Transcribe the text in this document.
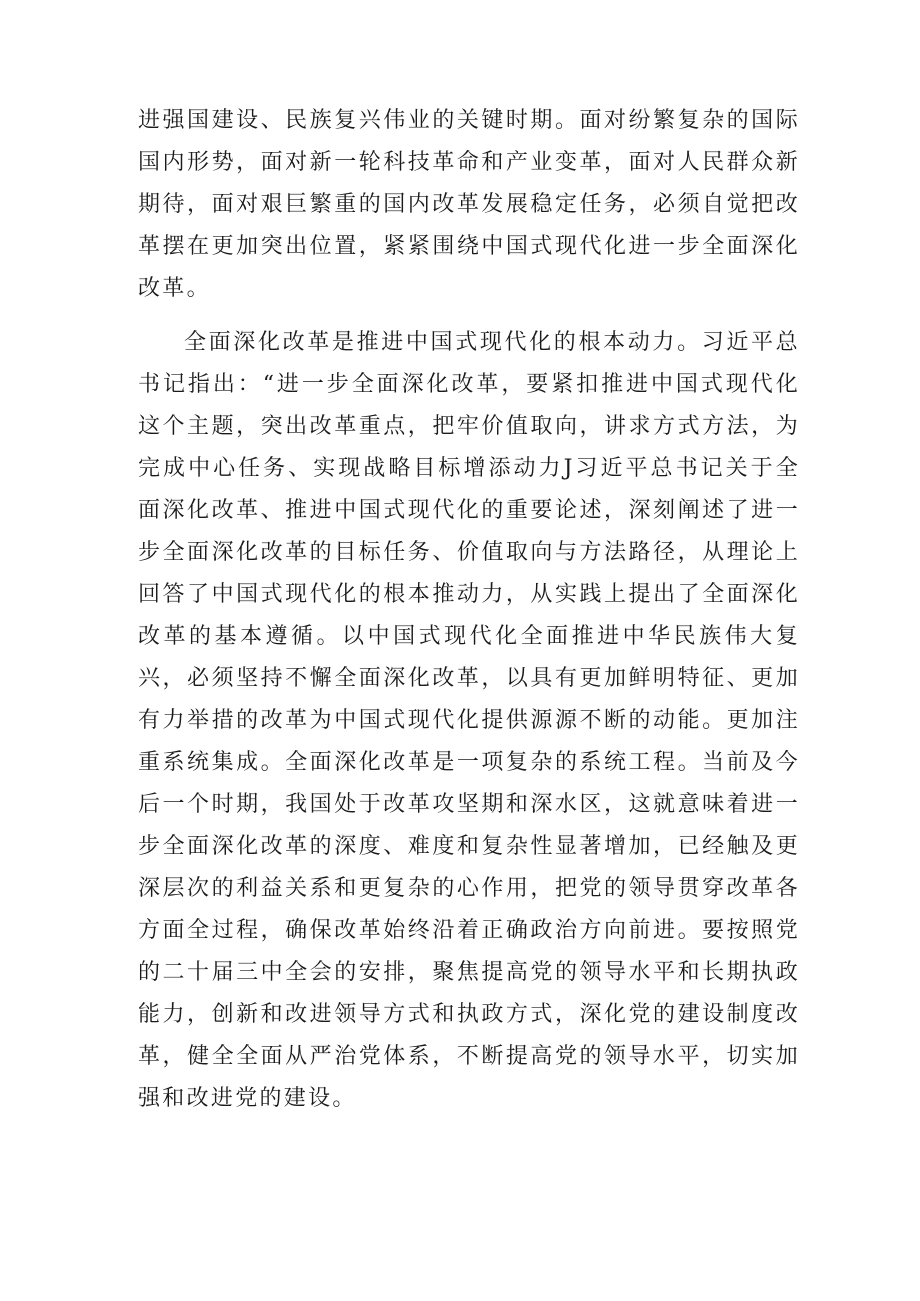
进强国建设、民族复兴伟业的关键时期。面对纷繁复杂的国际国内形势，面对新一轮科技革命和产业变革，面对人民群众新期待，面对艰巨繁重的国内改革发展稳定任务，必须自觉把改革摆在更加突出位置，紧紧围绕中国式现代化进一步全面深化改革。

全面深化改革是推进中国式现代化的根本动力。习近平总书记指出：“进一步全面深化改革，要紧扣推进中国式现代化这个主题，突出改革重点，把牢价值取向，讲求方式方法，为完成中心任务、实现战略目标增添动力J习近平总书记关于全面深化改革、推进中国式现代化的重要论述，深刻阐述了进一步全面深化改革的目标任务、价值取向与方法路径，从理论上回答了中国式现代化的根本推动力，从实践上提出了全面深化改革的基本遵循。以中国式现代化全面推进中华民族伟大复兴，必须坚持不懈全面深化改革，以具有更加鲜明特征、更加有力举措的改革为中国式现代化提供源源不断的动能。更加注重系统集成。全面深化改革是一项复杂的系统工程。当前及今后一个时期，我国处于改革攻坚期和深水区，这就意味着进一步全面深化改革的深度、难度和复杂性显著增加，已经触及更深层次的利益关系和更复杂的心作用，把党的领导贯穿改革各方面全过程，确保改革始终沿着正确政治方向前进。要按照党的二十届三中全会的安排，聚焦提高党的领导水平和长期执政能力，创新和改进领导方式和执政方式，深化党的建设制度改革，健全全面从严治党体系，不断提高党的领导水平，切实加强和改进党的建设。
